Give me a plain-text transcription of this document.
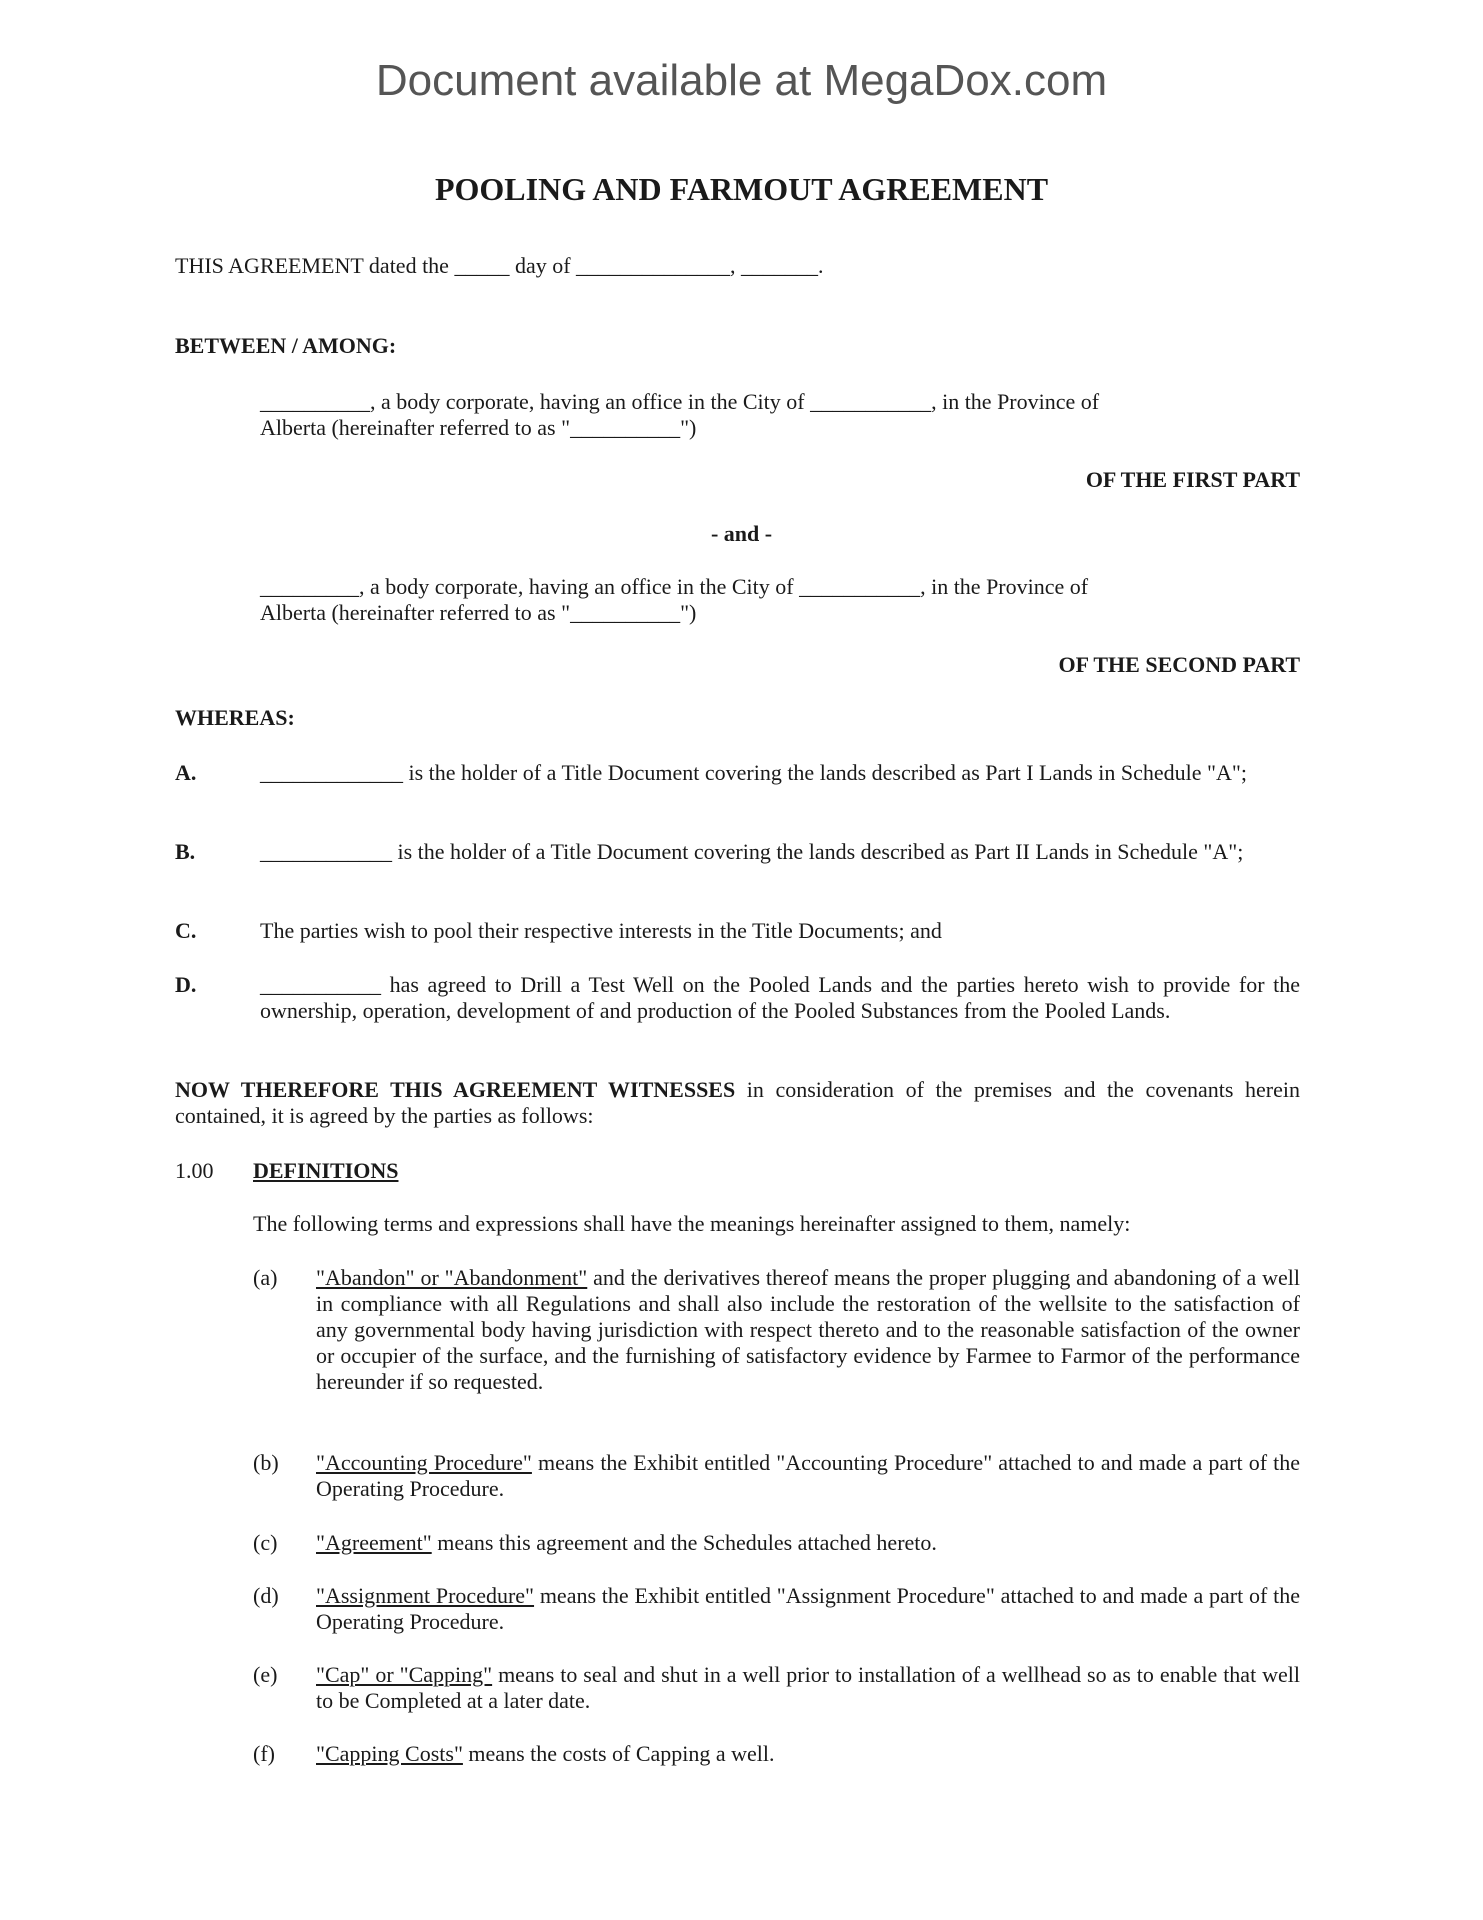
Document available at MegaDox.com
POOLING AND FARMOUT AGREEMENT
THIS AGREEMENT dated the _____ day of ______________, _______.
BETWEEN / AMONG:
__________, a body corporate, having an office in the City of ___________, in the Province of
Alberta (hereinafter referred to as "__________")
OF THE FIRST PART
- and -
_________, a body corporate, having an office in the City of ___________, in the Province of
Alberta (hereinafter referred to as "__________")
OF THE SECOND PART
WHEREAS:
A.	_____________ is the holder of a Title Document covering the lands described as Part I Lands in Schedule "A";
B.	____________ is the holder of a Title Document covering the lands described as Part II Lands in Schedule "A";
C.	The parties wish to pool their respective interests in the Title Documents; and
D.	___________ has agreed to Drill a Test Well on the Pooled Lands and the parties hereto wish to provide for the ownership, operation, development of and production of the Pooled Substances from the Pooled Lands.
NOW THEREFORE THIS AGREEMENT WITNESSES in consideration of the premises and the covenants herein contained, it is agreed by the parties as follows:
1.00 DEFINITIONS
The following terms and expressions shall have the meanings hereinafter assigned to them, namely:
(a) "Abandon" or "Abandonment" and the derivatives thereof means the proper plugging and abandoning of a well in compliance with all Regulations and shall also include the restoration of the wellsite to the satisfaction of any governmental body having jurisdiction with respect thereto and to the reasonable satisfaction of the owner or occupier of the surface, and the furnishing of satisfactory evidence by Farmee to Farmor of the performance hereunder if so requested.
(b) "Accounting Procedure" means the Exhibit entitled "Accounting Procedure" attached to and made a part of the Operating Procedure.
(c) "Agreement" means this agreement and the Schedules attached hereto.
(d) "Assignment Procedure" means the Exhibit entitled "Assignment Procedure" attached to and made a part of the Operating Procedure.
(e) "Cap" or "Capping" means to seal and shut in a well prior to installation of a wellhead so as to enable that well to be Completed at a later date.
(f) "Capping Costs" means the costs of Capping a well.
